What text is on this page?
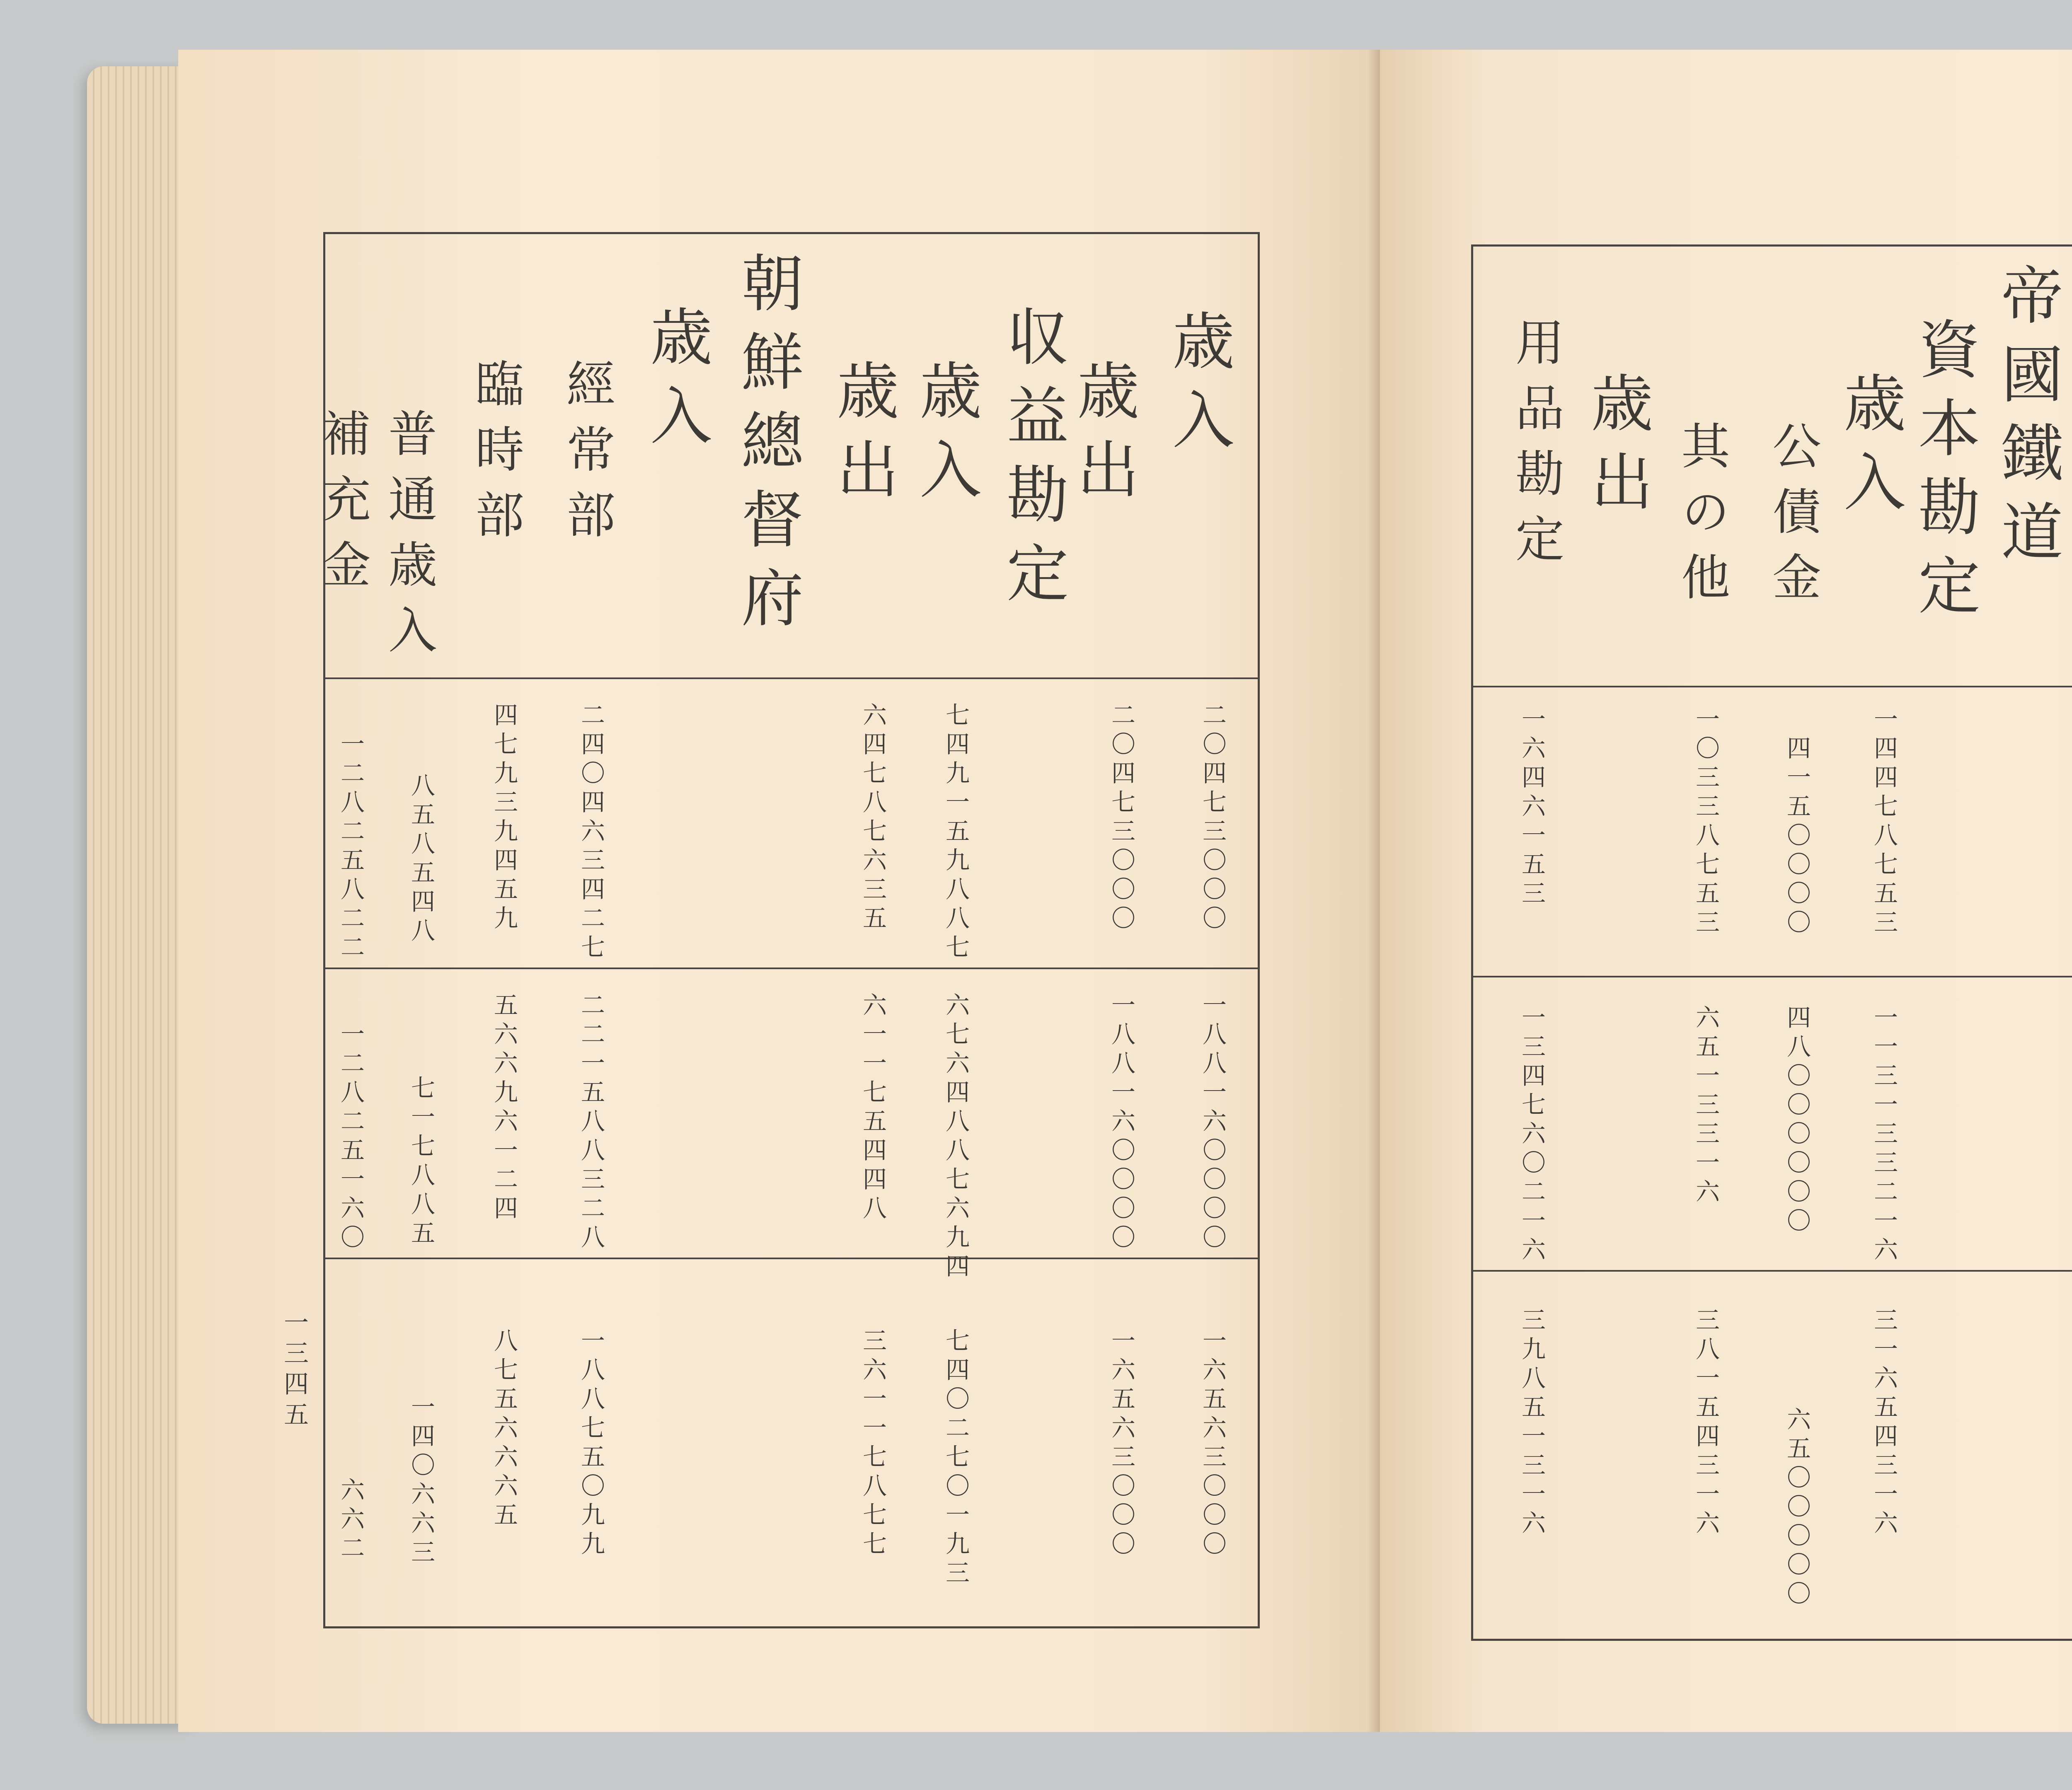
歳入
歳出
収益勘定
歳入
歳出
朝鮮總督府
歳入
經常部
臨時部
普通歳入
補充金
二〇四七三〇〇〇
二〇四七三〇〇〇
七四九一五九八八七
六四七八七六三五
二四〇四六三四二七
四七九三九四五九
八五八五四八
一二八二五八二二
一八八一六〇〇〇〇
一八八一六〇〇〇〇
六七六四八八七六九四
六一一七五四四八
二二一五八八三二八
五六六九六一二四
七一七八八五
一二八二五一六〇
一六五六三〇〇〇
一六五六三〇〇〇
七四〇二七〇一九三
三六一一七八七七
一八八七五〇九九
八七五六六六五
一四〇六六三
六六二
一三四五
帝國鐵道
資本勘定
歳入
公債金
其の他
歳出
用品勘定
一四四七八七五三
四一五〇〇〇〇
一〇三三八七五三
一六四六一五三
一一三一三三二一六
四八〇〇〇〇〇〇
六五一三三一六
一三四七六〇二一六
三一六五四三一六
六五〇〇〇〇〇
三八一五四三一六
三九八五一三一六
